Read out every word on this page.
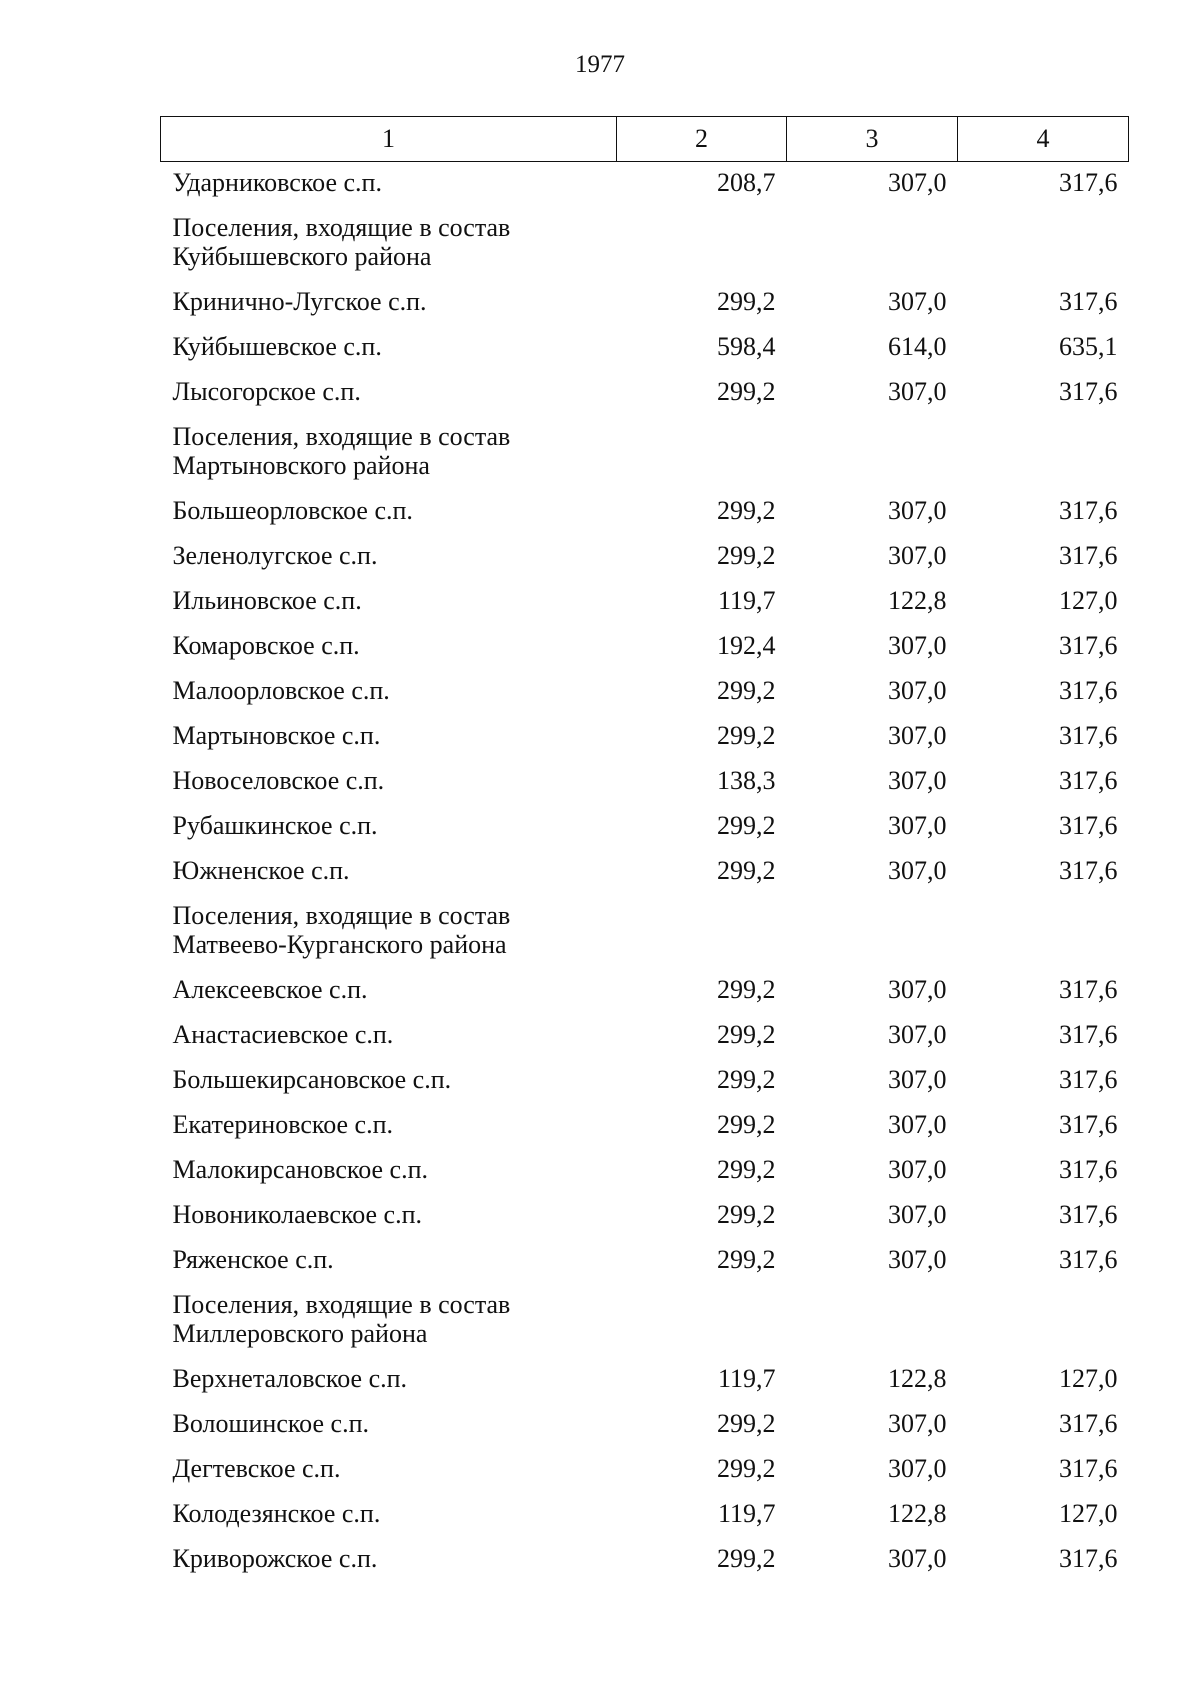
1977
1	2	3	4
Ударниковское с.п.	208,7	307,0	317,6
Поселения, входящие в состав Куйбышевского района			
Кринично-Лугское с.п.	299,2	307,0	317,6
Куйбышевское с.п.	598,4	614,0	635,1
Лысогорское с.п.	299,2	307,0	317,6
Поселения, входящие в состав Мартыновского района			
Большеорловское с.п.	299,2	307,0	317,6
Зеленолугское с.п.	299,2	307,0	317,6
Ильиновское с.п.	119,7	122,8	127,0
Комаровское с.п.	192,4	307,0	317,6
Малоорловское с.п.	299,2	307,0	317,6
Мартыновское с.п.	299,2	307,0	317,6
Новоселовское с.п.	138,3	307,0	317,6
Рубашкинское с.п.	299,2	307,0	317,6
Южненское с.п.	299,2	307,0	317,6
Поселения, входящие в состав Матвеево-Курганского района			
Алексеевское с.п.	299,2	307,0	317,6
Анастасиевское с.п.	299,2	307,0	317,6
Большекирсановское с.п.	299,2	307,0	317,6
Екатериновское с.п.	299,2	307,0	317,6
Малокирсановское с.п.	299,2	307,0	317,6
Новониколаевское с.п.	299,2	307,0	317,6
Ряженское с.п.	299,2	307,0	317,6
Поселения, входящие в состав Миллеровского района			
Верхнеталовское с.п.	119,7	122,8	127,0
Волошинское с.п.	299,2	307,0	317,6
Дегтевское с.п.	299,2	307,0	317,6
Колодезянское с.п.	119,7	122,8	127,0
Криворожское с.п.	299,2	307,0	317,6
